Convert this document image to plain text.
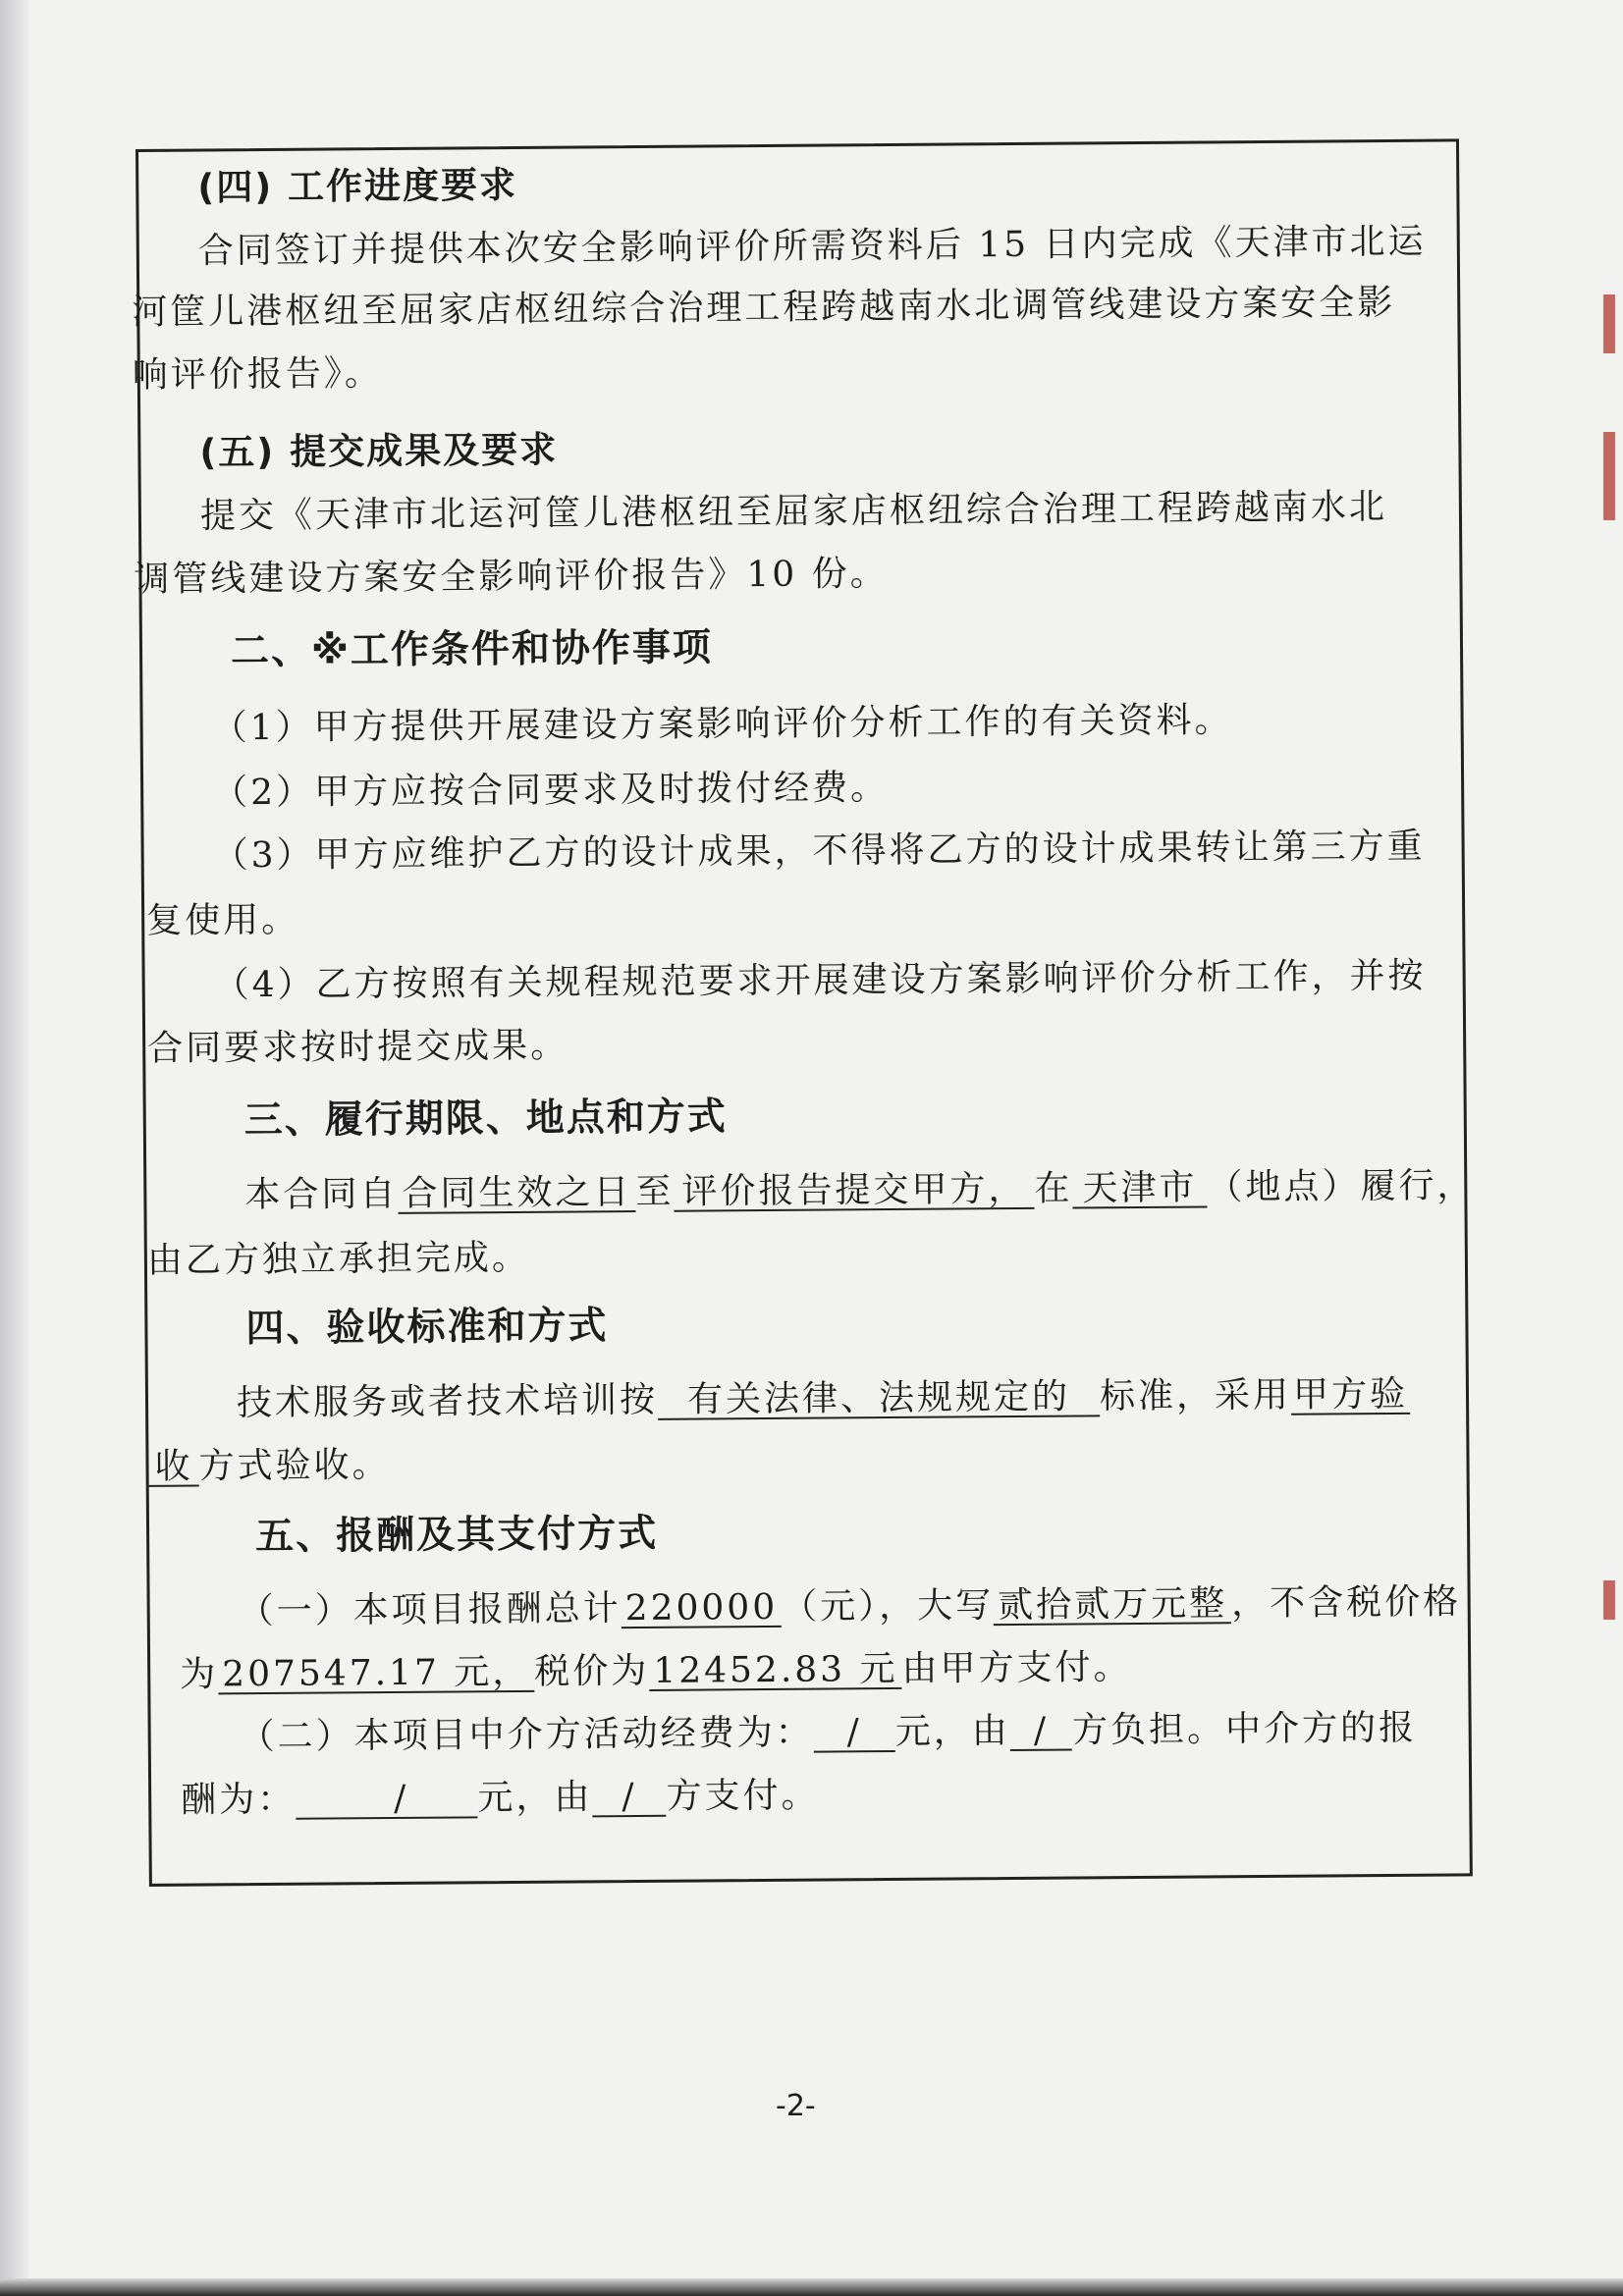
(四) 工作进度要求
合同签订并提供本次安全影响评价所需资料后 15 日内完成《天津市北运
河筐儿港枢纽至屈家店枢纽综合治理工程跨越南水北调管线建设方案安全影
响评价报告》。
(五) 提交成果及要求
提交《天津市北运河筐儿港枢纽至屈家店枢纽综合治理工程跨越南水北
调管线建设方案安全影响评价报告》10 份。
二、※工作条件和协作事项
（1）甲方提供开展建设方案影响评价分析工作的有关资料。
（2）甲方应按合同要求及时拨付经费。
（3）甲方应维护乙方的设计成果，不得将乙方的设计成果转让第三方重
复使用。
（4）乙方按照有关规程规范要求开展建设方案影响评价分析工作，并按
合同要求按时提交成果。
三、履行期限、地点和方式
本合同自 合同生效之日 至 评价报告提交甲方， 在 天津市 （地点）履行，
由乙方独立承担完成。
四、验收标准和方式
技术服务或者技术培训按 有关法律、法规规定的 标准，采用甲方验
收 方式验收。
五、报酬及其支付方式
（一）本项目报酬总计 220000 （元），大写 贰拾贰万元整 ，不含税价格
为 207547.17 元， 税价为 12452.83 元 由甲方支付。
（二）本项目中介方活动经费为： / 元，由 / 方负担。中介方的报
酬为：	/ 元，由 / 方支付。
-2-
